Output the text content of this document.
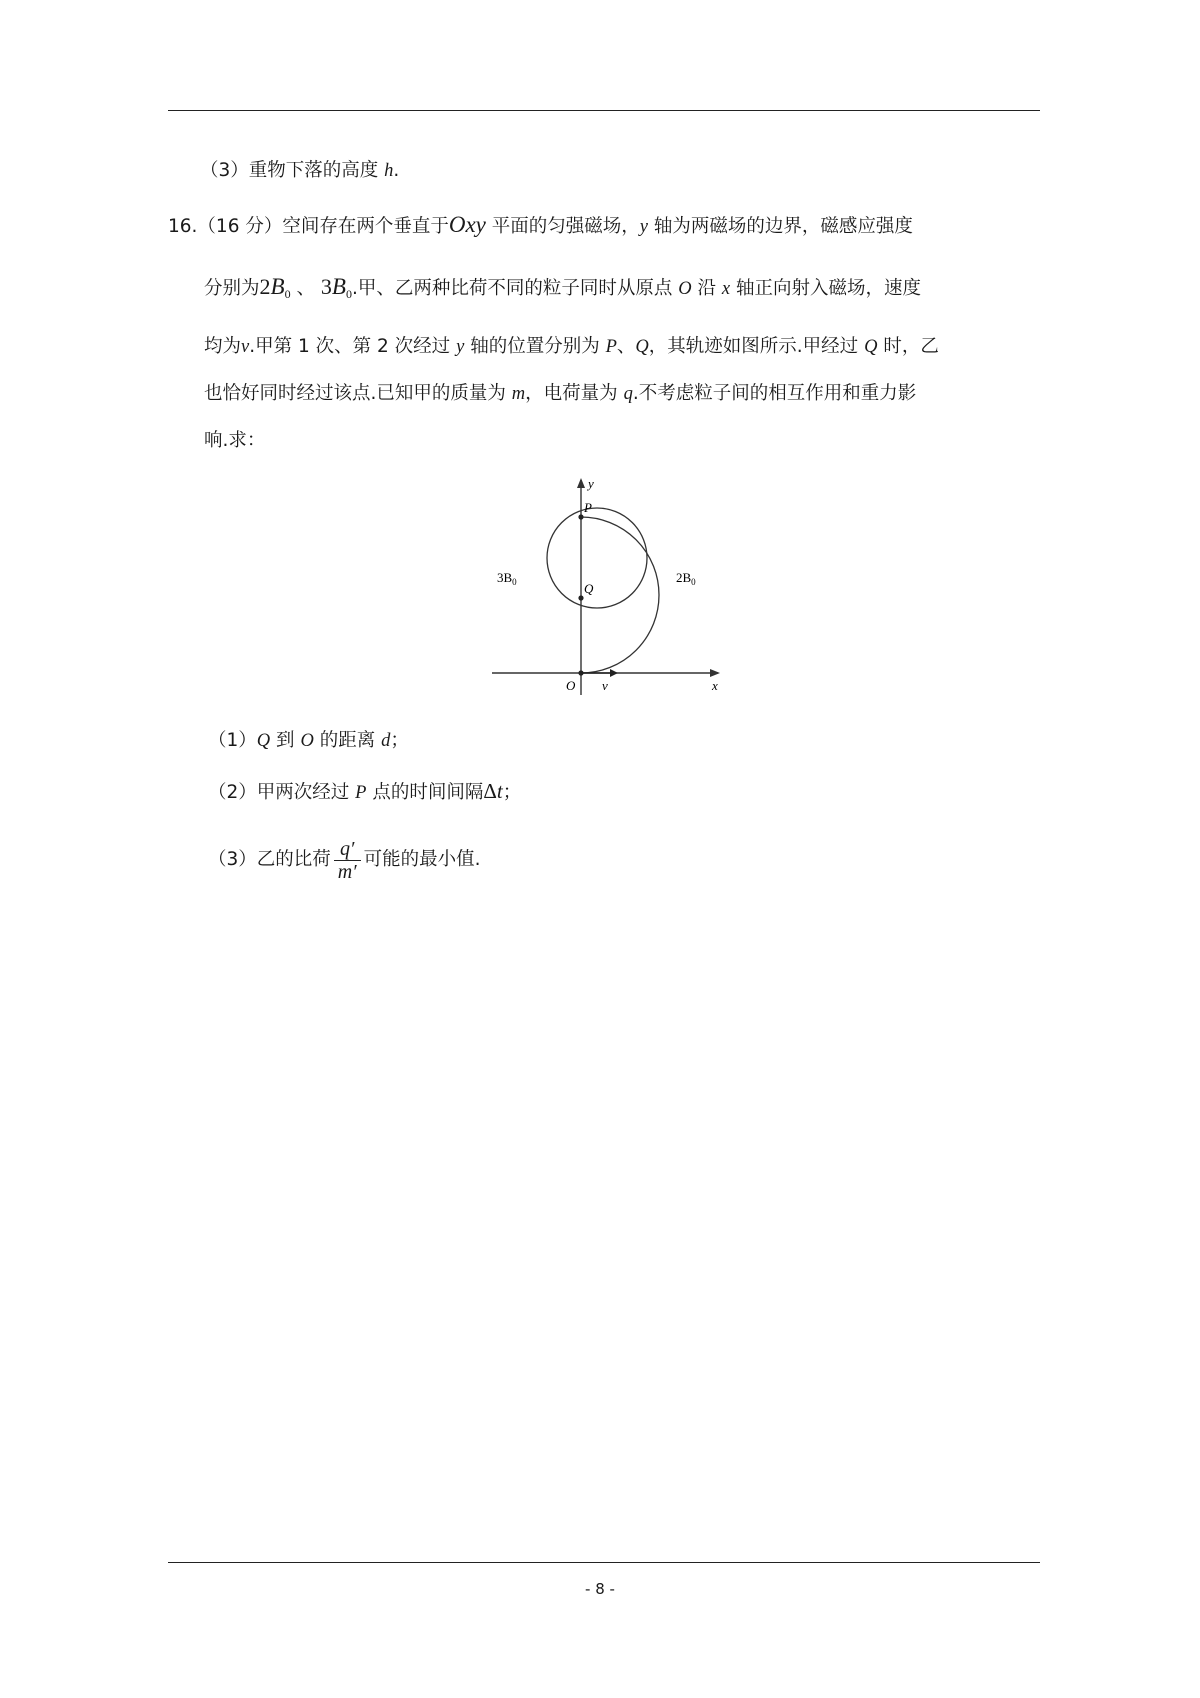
（3）重物下落的高度 h.
16.（16 分）空间存在两个垂直于Oxy 平面的匀强磁场，y 轴为两磁场的边界，磁感应强度
分别为$2B_0$ 、 $3B_0$.甲、乙两种比荷不同的粒子同时从原点 O 沿 x 轴正向射入磁场，速度
均为v.甲第 1 次、第 2 次经过 y 轴的位置分别为 P、Q，其轨迹如图所示.甲经过 Q 时，乙
也恰好同时经过该点.已知甲的质量为 m，电荷量为 q.不考虑粒子间的相互作用和重力影
响.求：
y
P
Q
O v	x
$3B_0$	$2B_0$
（1）Q 到 O 的距离 d；
（2）甲两次经过 P 点的时间间隔Δt；
（3）乙的比荷 $\frac{q'}{m'}$ 可能的最小值.
- 8 -
